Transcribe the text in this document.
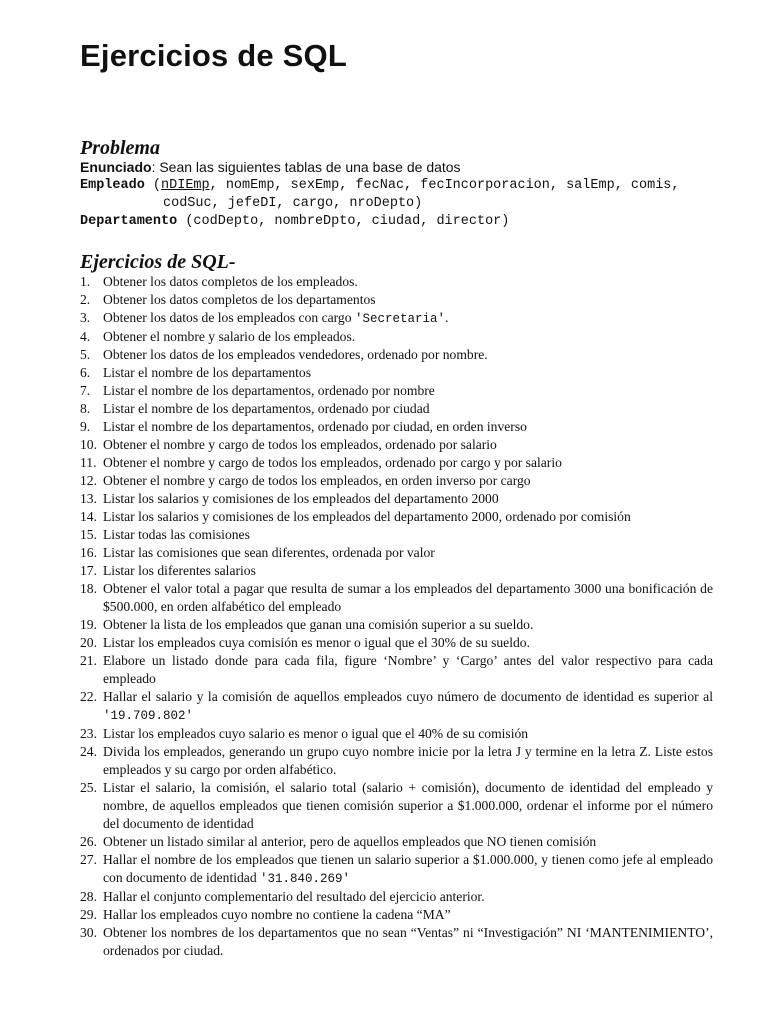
Ejercicios de SQL
Problema
Enunciado: Sean las siguientes tablas de una base de datos
Empleado (nDIEmp, nomEmp, sexEmp, fecNac, fecIncorporacion, salEmp, comis,
codSuc, jefeDI, cargo, nroDepto)
Departamento (codDepto, nombreDpto, ciudad, director)
Ejercicios de SQL-
1. Obtener los datos completos de los empleados.
2. Obtener los datos completos de los departamentos
3. Obtener los datos de los empleados con cargo 'Secretaria'.
4. Obtener el nombre y salario de los empleados.
5. Obtener los datos de los empleados vendedores, ordenado por nombre.
6. Listar el nombre de los departamentos
7. Listar el nombre de los departamentos, ordenado por nombre
8. Listar el nombre de los departamentos, ordenado por ciudad
9. Listar el nombre de los departamentos, ordenado por ciudad, en orden inverso
10. Obtener el nombre y cargo de todos los empleados, ordenado por salario
11. Obtener el nombre y cargo de todos los empleados, ordenado por cargo y por salario
12. Obtener el nombre y cargo de todos los empleados, en orden inverso por cargo
13. Listar los salarios y comisiones de los empleados del departamento 2000
14. Listar los salarios y comisiones de los empleados del departamento 2000, ordenado por comisión
15. Listar todas las comisiones
16. Listar las comisiones que sean diferentes, ordenada por valor
17. Listar los diferentes salarios
18. Obtener el valor total a pagar que resulta de sumar a los empleados del departamento 3000 una bonificación de $500.000, en orden alfabético del empleado
19. Obtener la lista de los empleados que ganan una comisión superior a su sueldo.
20. Listar los empleados cuya comisión es menor o igual que el 30% de su sueldo.
21. Elabore un listado donde para cada fila, figure ‘Nombre’ y ‘Cargo’ antes del valor respectivo para cada empleado
22. Hallar el salario y la comisión de aquellos empleados cuyo número de documento de identidad es superior al '19.709.802'
23. Listar los empleados cuyo salario es menor o igual que el 40% de su comisión
24. Divida los empleados, generando un grupo cuyo nombre inicie por la letra J y termine en la letra Z. Liste estos empleados y su cargo por orden alfabético.
25. Listar el salario, la comisión, el salario total (salario + comisión), documento de identidad del empleado y nombre, de aquellos empleados que tienen comisión superior a $1.000.000, ordenar el informe por el número del documento de identidad
26. Obtener un listado similar al anterior, pero de aquellos empleados que NO tienen comisión
27. Hallar el nombre de los empleados que tienen un salario superior a $1.000.000, y tienen como jefe al empleado con documento de identidad '31.840.269'
28. Hallar el conjunto complementario del resultado del ejercicio anterior.
29. Hallar los empleados cuyo nombre no contiene la cadena “MA”
30. Obtener los nombres de los departamentos que no sean “Ventas” ni “Investigación” NI ‘MANTENIMIENTO’, ordenados por ciudad.
